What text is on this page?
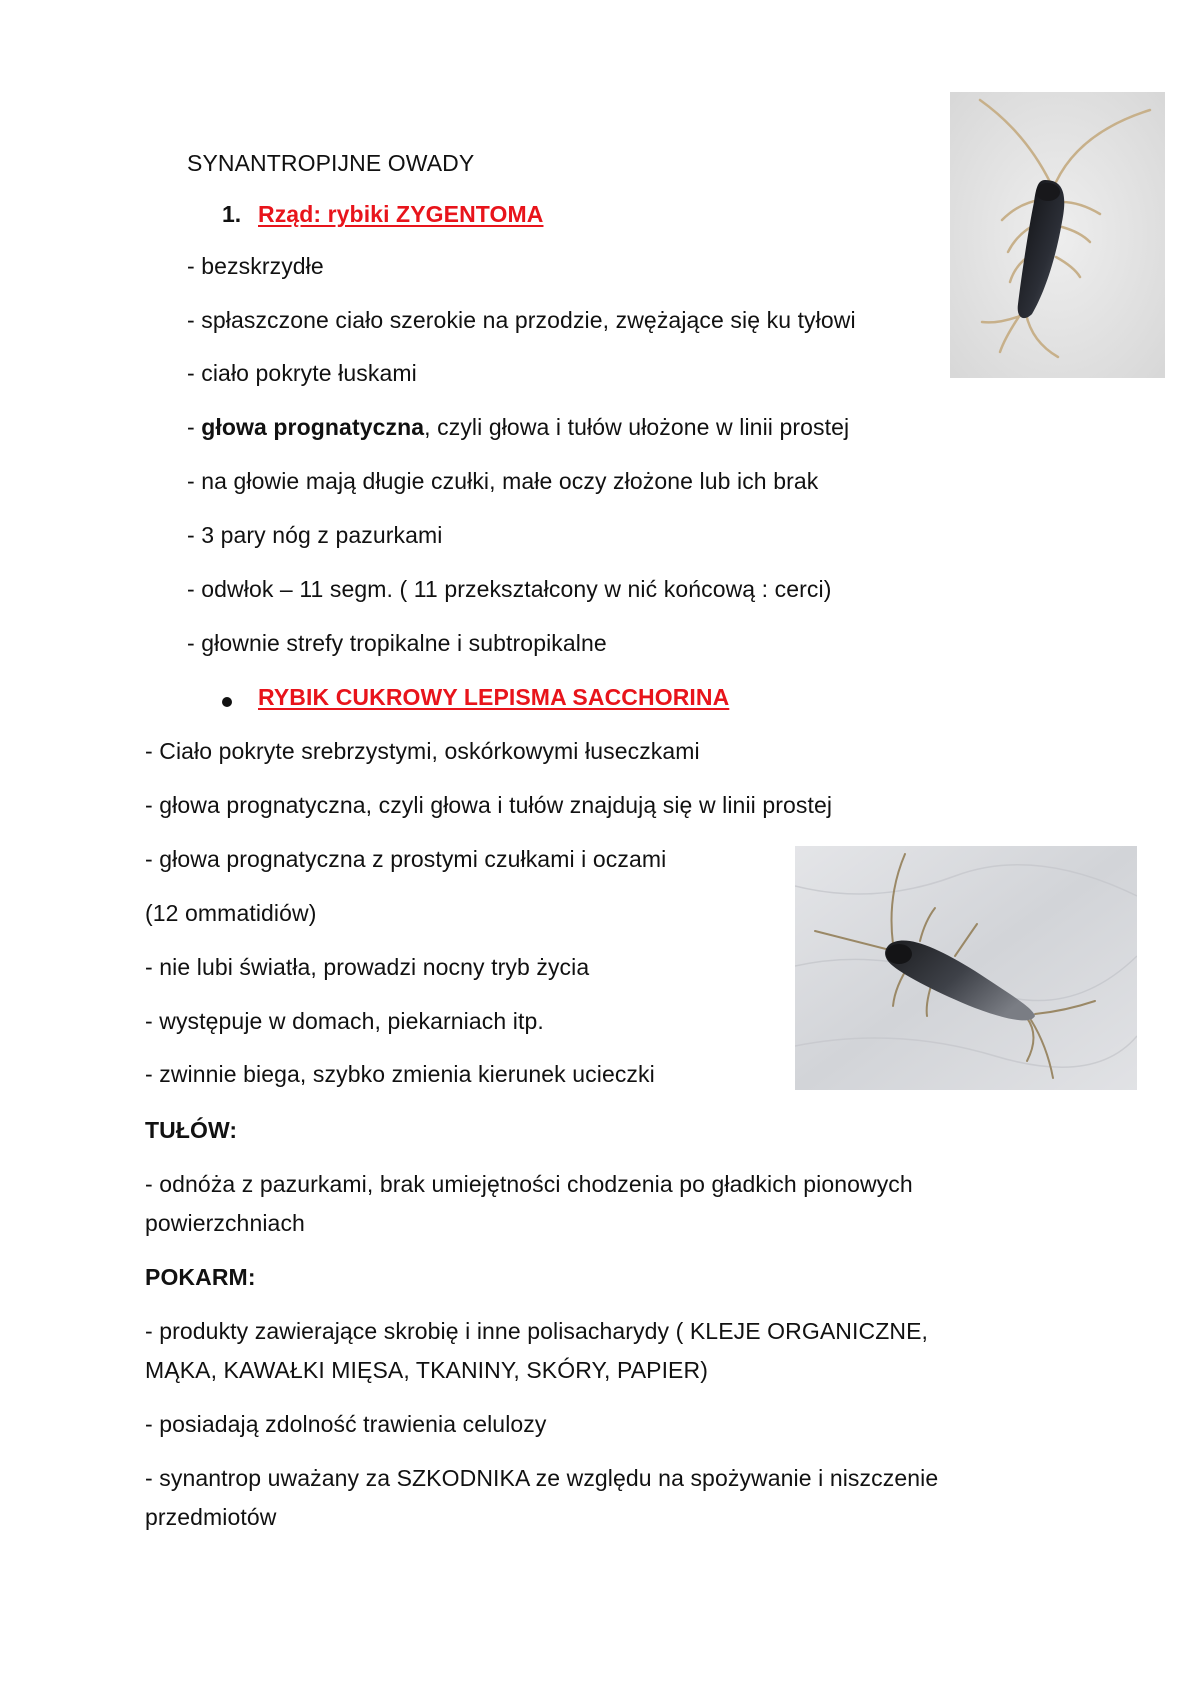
SYNANTROPIJNE OWADY
1. Rząd: rybiki ZYGENTOMA
- bezskrzydłe
- spłaszczone ciało szerokie na przodzie, zwężające się ku tyłowi
- ciało pokryte łuskami
- głowa prognatyczna, czyli głowa i tułów ułożone w linii prostej
- na głowie mają długie czułki, małe oczy złożone lub ich brak
- 3 pary nóg z pazurkami
- odwłok – 11 segm. ( 11 przekształcony w nić końcową : cerci)
- głownie strefy tropikalne i subtropikalne
RYBIK CUKROWY LEPISMA SACCHORINA
- Ciało pokryte srebrzystymi, oskórkowymi łuseczkami
- głowa prognatyczna, czyli głowa i tułów znajdują się w linii prostej
- głowa prognatyczna z prostymi czułkami i oczami
(12 ommatidiów)
- nie lubi światła, prowadzi nocny tryb życia
- występuje w domach, piekarniach itp.
- zwinnie biega, szybko zmienia kierunek ucieczki
TUŁÓW:
- odnóża z pazurkami, brak umiejętności chodzenia po gładkich pionowych
powierzchniach
POKARM:
- produkty zawierające skrobię i inne polisacharydy ( KLEJE ORGANICZNE,
MĄKA, KAWAŁKI MIĘSA, TKANINY, SKÓRY, PAPIER)
- posiadają zdolność trawienia celulozy
- synantrop uważany za SZKODNIKA ze względu na spożywanie i niszczenie
przedmiotów
